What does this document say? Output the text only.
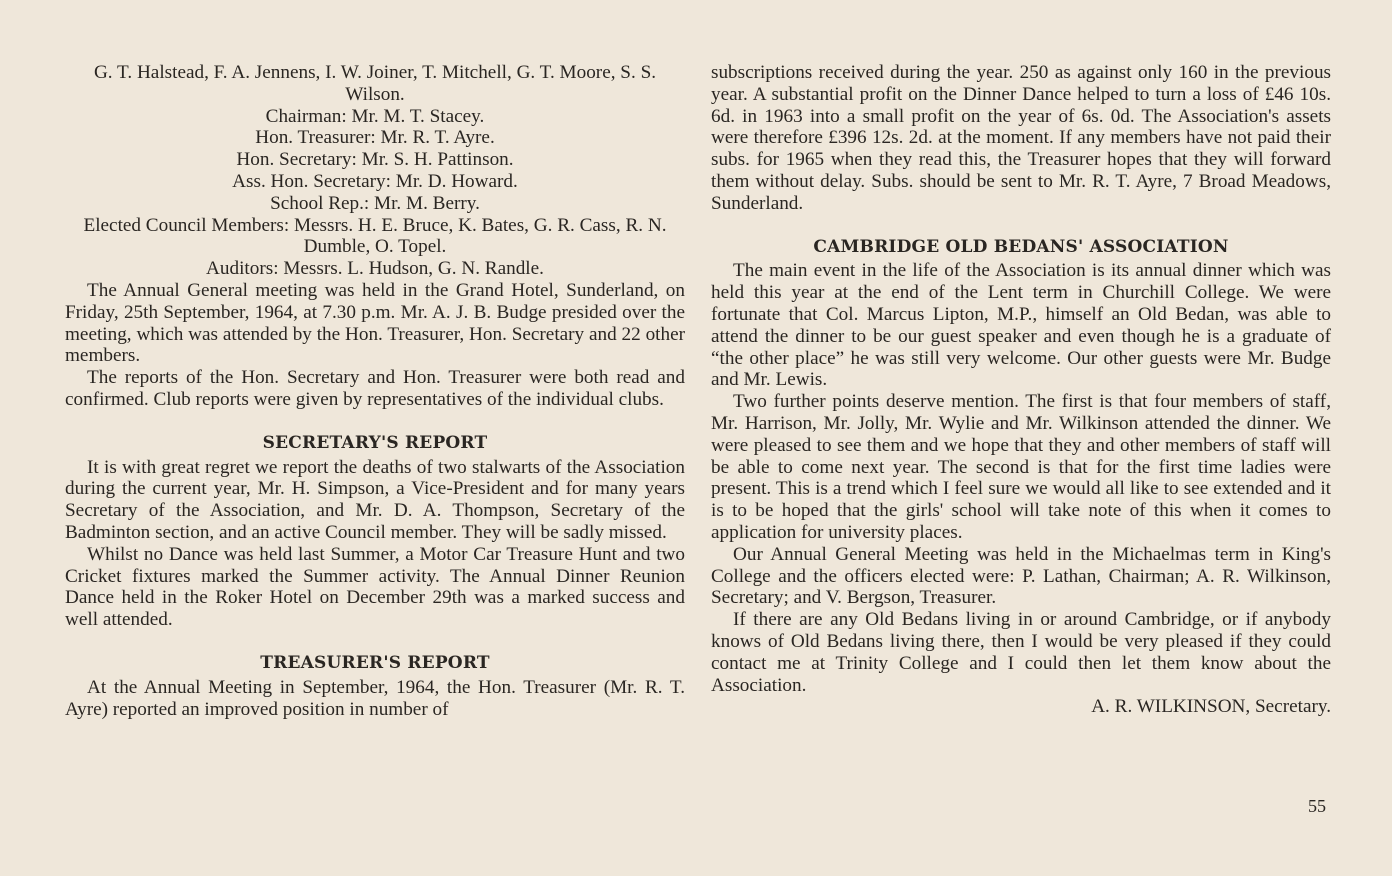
G. T. Halstead, F. A. Jennens, I. W. Joiner, T. Mitchell, G. T. Moore, S. S. Wilson.

Chairman: Mr. M. T. Stacey.

Hon. Treasurer: Mr. R. T. Ayre.

Hon. Secretary: Mr. S. H. Pattinson.

Ass. Hon. Secretary: Mr. D. Howard.

School Rep.: Mr. M. Berry.

Elected Council Members: Messrs. H. E. Bruce, K. Bates, G. R. Cass, R. N. Dumble, O. Topel.

Auditors: Messrs. L. Hudson, G. N. Randle.

The Annual General meeting was held in the Grand Hotel, Sunderland, on Friday, 25th September, 1964, at 7.30 p.m. Mr. A. J. B. Budge presided over the meeting, which was attended by the Hon. Treasurer, Hon. Secretary and 22 other members.

The reports of the Hon. Secretary and Hon. Treasurer were both read and confirmed. Club reports were given by representatives of the individual clubs.

SECRETARY'S REPORT

It is with great regret we report the deaths of two stalwarts of the Association during the current year, Mr. H. Simpson, a Vice-President and for many years Secretary of the Association, and Mr. D. A. Thompson, Secretary of the Badminton section, and an active Council member. They will be sadly missed.

Whilst no Dance was held last Summer, a Motor Car Treasure Hunt and two Cricket fixtures marked the Summer activity. The Annual Dinner Reunion Dance held in the Roker Hotel on December 29th was a marked success and well attended.

TREASURER'S REPORT

At the Annual Meeting in September, 1964, the Hon. Treasurer (Mr. R. T. Ayre) reported an improved position in number of

subscriptions received during the year. 250 as against only 160 in the previous year. A substantial profit on the Dinner Dance helped to turn a loss of £46 10s. 6d. in 1963 into a small profit on the year of 6s. 0d. The Association's assets were therefore £396 12s. 2d. at the moment. If any members have not paid their subs. for 1965 when they read this, the Treasurer hopes that they will forward them without delay. Subs. should be sent to Mr. R. T. Ayre, 7 Broad Meadows, Sunderland.

CAMBRIDGE OLD BEDANS' ASSOCIATION

The main event in the life of the Association is its annual dinner which was held this year at the end of the Lent term in Churchill College. We were fortunate that Col. Marcus Lipton, M.P., himself an Old Bedan, was able to attend the dinner to be our guest speaker and even though he is a graduate of “the other place” he was still very welcome. Our other guests were Mr. Budge and Mr. Lewis.

Two further points deserve mention. The first is that four members of staff, Mr. Harrison, Mr. Jolly, Mr. Wylie and Mr. Wilkinson attended the dinner. We were pleased to see them and we hope that they and other members of staff will be able to come next year. The second is that for the first time ladies were present. This is a trend which I feel sure we would all like to see extended and it is to be hoped that the girls' school will take note of this when it comes to application for university places.

Our Annual General Meeting was held in the Michaelmas term in King's College and the officers elected were: P. Lathan, Chairman; A. R. Wilkinson, Secretary; and V. Bergson, Treasurer.

If there are any Old Bedans living in or around Cambridge, or if anybody knows of Old Bedans living there, then I would be very pleased if they could contact me at Trinity College and I could then let them know about the Association.

A. R. WILKINSON, Secretary.

55
